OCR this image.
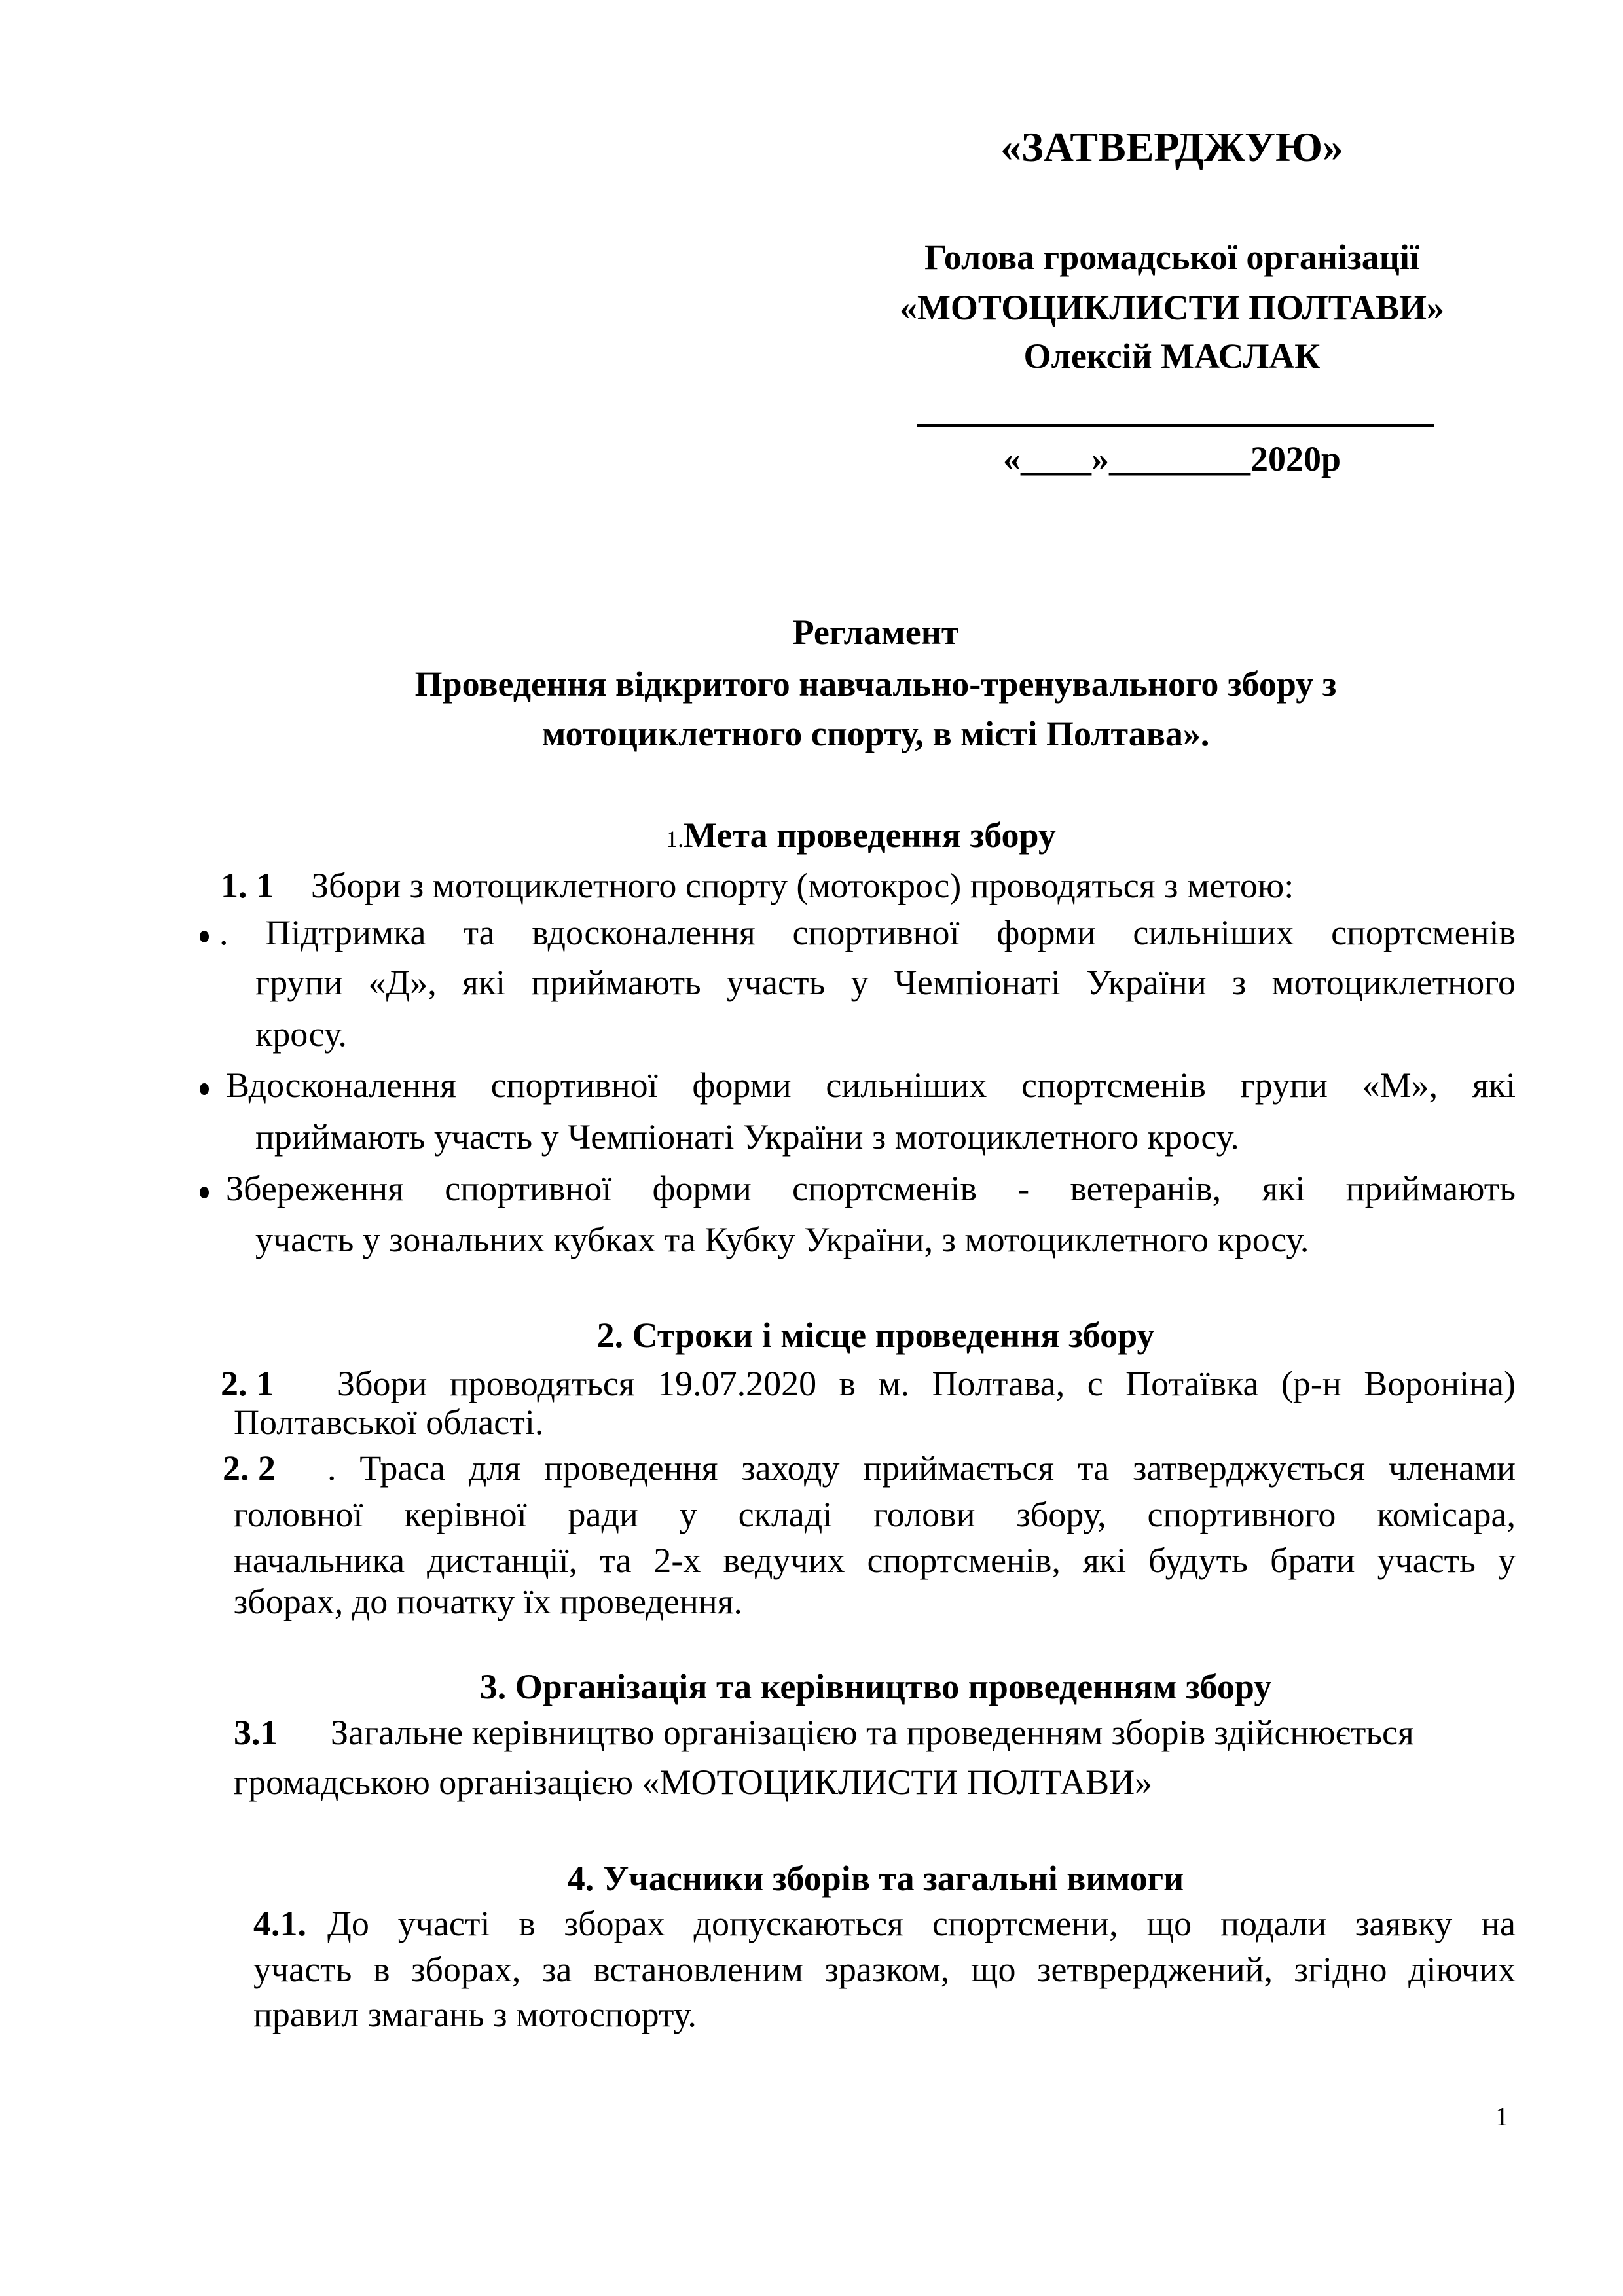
«ЗАТВЕРДЖУЮ»
Голова громадської організації
«МОТОЦИКЛИСТИ ПОЛТАВИ»
Олексій МАСЛАК
«____»________2020р
Регламент
Проведення відкритого навчально-тренувального збору з
мотоциклетного спорту, в місті Полтава».
1.Мета проведення збору
1. 1 Збори з мотоциклетного спорту (мотокрос) проводяться з метою:
. Підтримка та вдосконалення спортивної форми сильніших спортсменів
групи «Д», які приймають участь у Чемпіонаті України з мотоциклетного
кросу.
Вдосконалення спортивної форми сильніших спортсменів групи «М», які
приймають участь у Чемпіонаті України з мотоциклетного кросу.
Збереження спортивної форми спортсменів - ветеранів, які приймають
участь у зональних кубках та Кубку України, з мотоциклетного кросу.
2. Строки і місце проведення збору
2. 1 Збори проводяться 19.07.2020 в м. Полтава, с Потаївка (р-н Вороніна)
Полтавської області.
2. 2 . Траса для проведення заходу приймається та затверджується членами
головної керівної ради у складі голови збору, спортивного комісара,
начальника дистанції, та 2-х ведучих спортсменів, які будуть брати участь у
зборах, до початку їх проведення.
3. Організація та керівництво проведенням збору
3.1 Загальне керівництво організацією та проведенням зборів здійснюється
громадською організацією «МОТОЦИКЛИСТИ ПОЛТАВИ»
4. Учасники зборів та загальні вимоги
4.1. До участі в зборах допускаються спортсмени, що подали заявку на
участь в зборах, за встановленим зразком, що зетврерджений, згідно діючих
правил змагань з мотоспорту.
1
